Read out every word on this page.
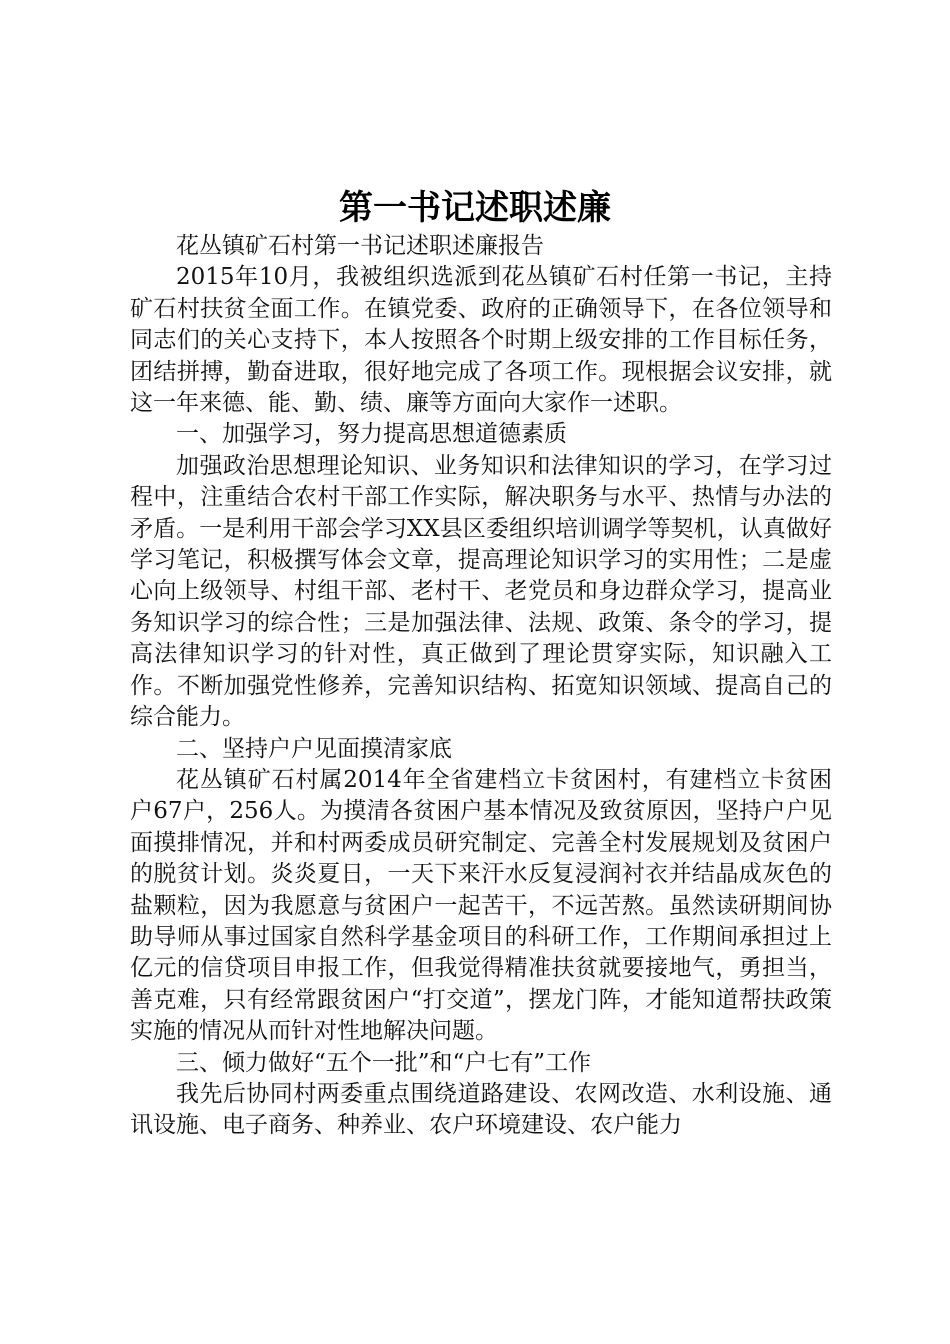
第一书记述职述廉

花丛镇矿石村第一书记述职述廉报告

2015年10月，我被组织选派到花丛镇矿石村任第一书记，主持矿石村扶贫全面工作。在镇党委、政府的正确领导下，在各位领导和同志们的关心支持下，本人按照各个时期上级安排的工作目标任务，团结拼搏，勤奋进取，很好地完成了各项工作。现根据会议安排，就这一年来德、能、勤、绩、廉等方面向大家作一述职。

一、加强学习，努力提高思想道德素质

加强政治思想理论知识、业务知识和法律知识的学习，在学习过程中，注重结合农村干部工作实际，解决职务与水平、热情与办法的矛盾。一是利用干部会学习XX县区委组织培训调学等契机，认真做好学习笔记，积极撰写体会文章，提高理论知识学习的实用性；二是虚心向上级领导、村组干部、老村干、老党员和身边群众学习，提高业务知识学习的综合性；三是加强法律、法规、政策、条令的学习，提高法律知识学习的针对性，真正做到了理论贯穿实际，知识融入工作。不断加强党性修养，完善知识结构、拓宽知识领域、提高自己的综合能力。

二、坚持户户见面摸清家底

花丛镇矿石村属2014年全省建档立卡贫困村，有建档立卡贫困户67户，256人。为摸清各贫困户基本情况及致贫原因，坚持户户见面摸排情况，并和村两委成员研究制定、完善全村发展规划及贫困户的脱贫计划。炎炎夏日，一天下来汗水反复浸润衬衣并结晶成灰色的盐颗粒，因为我愿意与贫困户一起苦干，不远苦熬。虽然读研期间协助导师从事过国家自然科学基金项目的科研工作，工作期间承担过上亿元的信贷项目申报工作，但我觉得精准扶贫就要接地气，勇担当，善克难，只有经常跟贫困户“打交道”，摆龙门阵，才能知道帮扶政策实施的情况从而针对性地解决问题。

三、倾力做好“五个一批”和“户七有”工作

我先后协同村两委重点围绕道路建设、农网改造、水利设施、通讯设施、电子商务、种养业、农户环境建设、农户能力
